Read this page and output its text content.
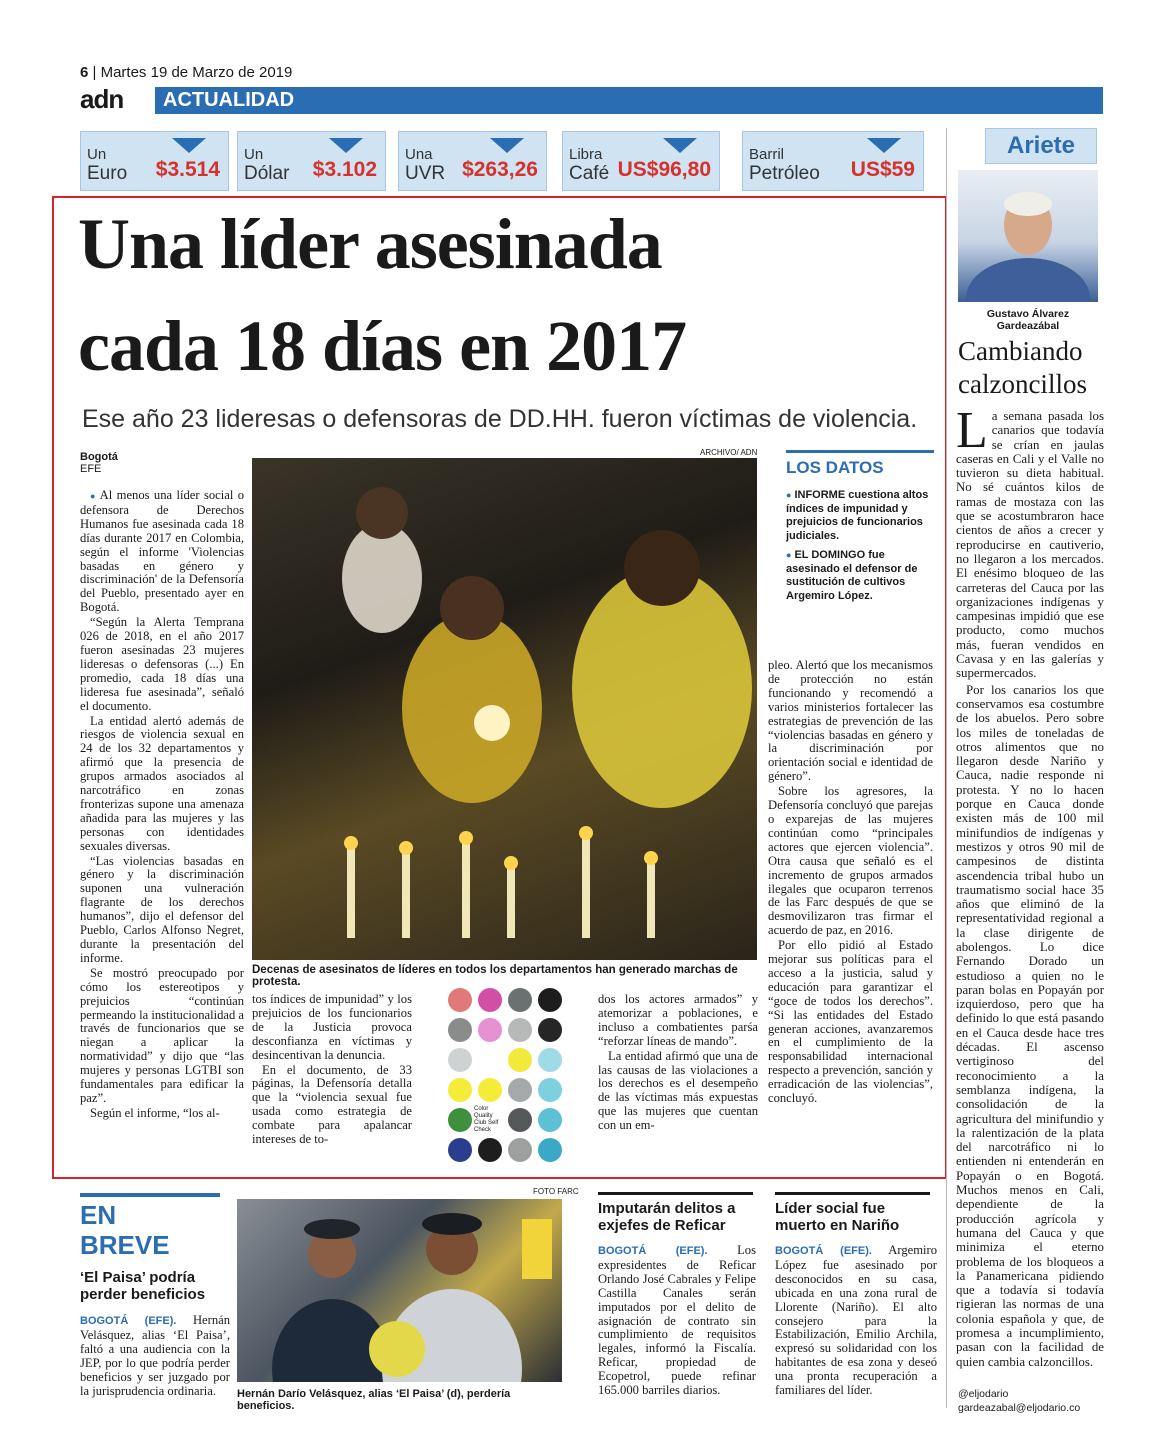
6 | Martes 19 de Marzo de 2019
adn	ACTUALIDAD
Un
Euro $3.514
Un
Dólar $3.102
Una
UVR $263,26
Libra
Café US$96,80
Barril
Petróleo US$59
Una líder asesinada
cada 18 días en 2017
Ese año 23 lideresas o defensoras de DD.HH. fueron víctimas de violencia.
Bogotá
EFE

● Al menos una líder social o defensora de Derechos Humanos fue asesinada cada 18 días durante 2017 en Colombia, según el informe 'Violencias basadas en género y discriminación' de la Defensoría del Pueblo, presentado ayer en Bogotá.

“Según la Alerta Temprana 026 de 2018, en el año 2017 fueron asesinadas 23 mujeres lideresas o defensoras (...) En promedio, cada 18 días una lideresa fue asesinada”, señaló el documento.

La entidad alertó además de riesgos de violencia sexual en 24 de los 32 departamentos y afirmó que la presencia de grupos armados asociados al narcotráfico en zonas fronterizas supone una amenaza añadida para las mujeres y las personas con identidades sexuales diversas.

“Las violencias basadas en género y la discriminación suponen una vulneración flagrante de los derechos humanos”, dijo el defensor del Pueblo, Carlos Alfonso Negret, durante la presentación del informe.

Se mostró preocupado por cómo los estereotipos y prejuicios “continúan permeando la institucionalidad a través de funcionarios que se niegan a aplicar la normatividad” y dijo que “las mujeres y personas LGTBI son fundamentales para edificar la paz”.

Según el informe, “los al-

ARCHIVO/ ADN
Decenas de asesinatos de líderes en todos los departamentos han generado marchas de protesta.
LOS DATOS

● INFORME cuestiona altos índices de impunidad y prejuicios de funcionarios judiciales.

● EL DOMINGO fue asesinado el defensor de sustitución de cultivos Argemiro López.

pleo. Alertó que los mecanismos de protección no están funcionando y recomendó a varios ministerios fortalecer las estrategias de prevención de las “violencias basadas en género y la discriminación por orientación social e identidad de género”.

Sobre los agresores, la Defensoría concluyó que parejas o exparejas de las mujeres continúan como “principales actores que ejercen violencia”. Otra causa que señaló es el incremento de grupos armados ilegales que ocuparon terrenos de las Farc después de que se desmovilizaron tras firmar el acuerdo de paz, en 2016.

Por ello pidió al Estado mejorar sus políticas para el acceso a la justicia, salud y educación para garantizar el “goce de todos los derechos”. “Si las entidades del Estado generan acciones, avanzaremos en el cumplimiento de la responsabilidad internacional respecto a prevención, sanción y erradicación de las violencias”, concluyó.

tos índices de impunidad” y los prejuicios de los funcionarios de la Justicia provoca desconfianza en víctimas y desincentivan la denuncia.

En el documento, de 33 páginas, la Defensoría detalla que la “violencia sexual fue usada como estrategia de combate para apalancar intereses de to-

Color Quality Club Self Check

dos los actores armados” y atemorizar a poblaciones, e incluso a combatientes parśa “reforzar líneas de mando”.

La entidad afirmó que una de las causas de las violaciones a los derechos es el desempeño de las víctimas más expuestas que las mujeres que cuentan con un em-

Ariete
Gustavo Álvarez
Gardeazábal
Cambiando
calzoncillos

La semana pasada los canarios que todavía se crían en jaulas caseras en Cali y el Valle no tuvieron su dieta habitual. No sé cuántos kilos de ramas de mostaza con las que se acostumbraron hace cientos de años a crecer y reproducirse en cautiverio, no llegaron a los mercados. El enésimo bloqueo de las carreteras del Cauca por las organizaciones indígenas y campesinas impidió que ese producto, como muchos más, fueran vendidos en Cavasa y en las galerías y supermercados.

Por los canarios los que conservamos esa costumbre de los abuelos. Pero sobre los miles de toneladas de otros alimentos que no llegaron desde Nariño y Cauca, nadie responde ni protesta. Y no lo hacen porque en Cauca donde existen más de 100 mil minifundios de indígenas y mestizos y otros 90 mil de campesinos de distinta ascendencia tribal hubo un traumatismo social hace 35 años que eliminó de la representatividad regional a la clase dirigente de abolengos. Lo dice Fernando Dorado un estudioso a quien no le paran bolas en Popayán por izquierdoso, pero que ha definido lo que está pasando en el Cauca desde hace tres décadas. El ascenso vertiginoso del reconocimiento a la semblanza indígena, la consolidación de la agricultura del minifundio y la ralentización de la plata del narcotráfico ni lo entienden ni entenderán en Popayán o en Bogotá. Muchos menos en Cali, dependiente de la producción agrícola y humana del Cauca y que minimiza el eterno problema de los bloqueos a la Panamericana pidiendo que a todavía si todavía rigieran las normas de una colonia española y que, de promesa a incumplimiento, pasan con la facilidad de quien cambia calzoncillos.

@eljodario
gardeazabal@eljodario.co
EN
BREVE
‘El Paisa’ podría perder beneficios

BOGOTÁ (EFE). Hernán Velásquez, alias ‘El Paisa’, faltó a una audiencia con la JEP, por lo que podría perder beneficios y ser juzgado por la jurisprudencia ordinaria.

FOTO FARC
Hernán Darío Velásquez, alias ‘El Paisa’ (d), perdería beneficios.
Imputarán delitos a exjefes de Reficar

BOGOTÁ (EFE). Los expresidentes de Reficar Orlando José Cabrales y Felipe Castilla Canales serán imputados por el delito de asignación de contrato sin cumplimiento de requisitos legales, informó la Fiscalía. Reficar, propiedad de Ecopetrol, puede refinar 165.000 barriles diarios.

Líder social fue muerto en Nariño

BOGOTÁ (EFE). Argemiro López fue asesinado por desconocidos en su casa, ubicada en una zona rural de Llorente (Nariño). El alto consejero para la Estabilización, Emilio Archila, expresó su solidaridad con los habitantes de esa zona y deseó una pronta recuperación a familiares del líder.
